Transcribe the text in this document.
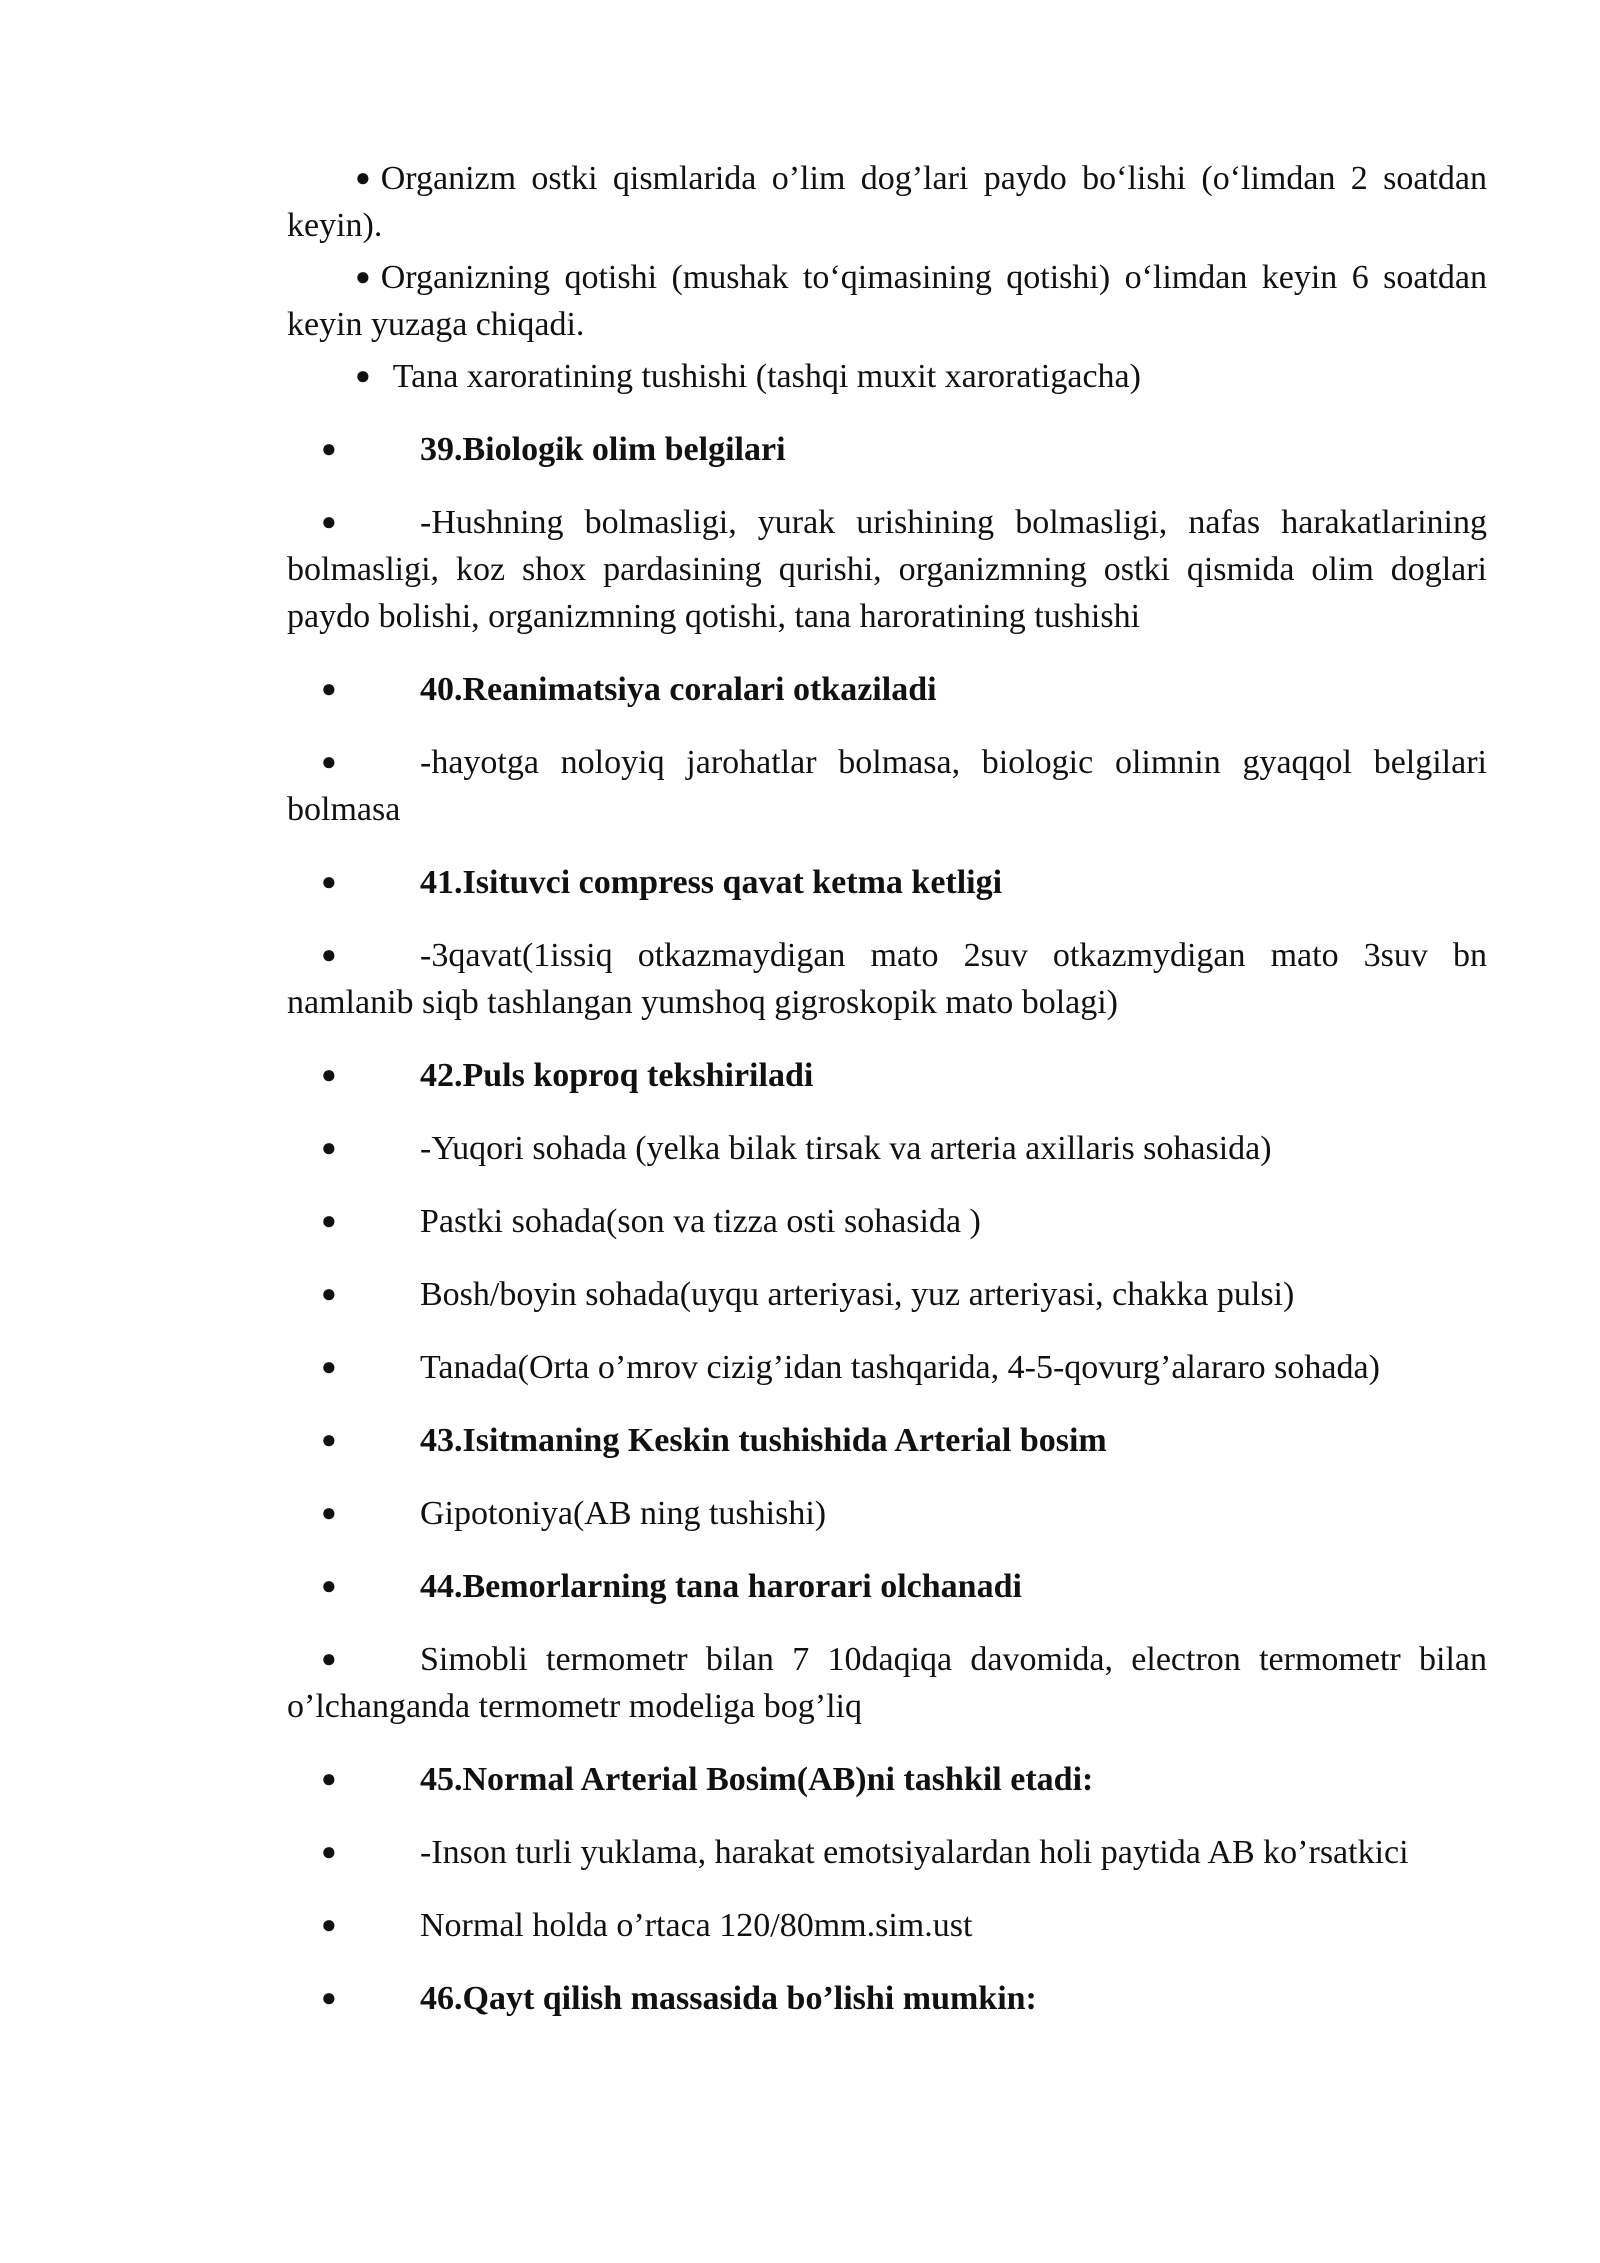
● Organizm ostki qismlarida o’lim dog’lari paydo bo‘lishi (o‘limdan 2 soatdan keyin).

● Organizning qotishi (mushak to‘qimasining qotishi) o‘limdan keyin 6 soatdan keyin yuzaga chiqadi.

● Tana xaroratining tushishi (tashqi muxit xaroratigacha)

● 39.Biologik olim belgilari

● -Hushning bolmasligi, yurak urishining bolmasligi, nafas harakatlarining bolmasligi, koz shox pardasining qurishi, organizmning ostki qismida olim doglari paydo bolishi, organizmning qotishi, tana haroratining tushishi

● 40.Reanimatsiya coralari otkaziladi

● -hayotga noloyiq jarohatlar bolmasa, biologic olimnin gyaqqol belgilari bolmasa

● 41.Isituvci compress qavat ketma ketligi

● -3qavat(1issiq otkazmaydigan mato 2suv otkazmydigan mato 3suv bn namlanib siqb tashlangan yumshoq gigroskopik mato bolagi)

● 42.Puls koproq tekshiriladi

● -Yuqori sohada (yelka bilak tirsak va arteria axillaris sohasida)

● Pastki sohada(son va tizza osti sohasida )

● Bosh/boyin sohada(uyqu arteriyasi, yuz arteriyasi, chakka pulsi)

● Tanada(Orta o’mrov cizig’idan tashqarida, 4-5-qovurg’alararo sohada)

● 43.Isitmaning Keskin tushishida Arterial bosim

● Gipotoniya(AB ning tushishi)

● 44.Bemorlarning tana harorari olchanadi

● Simobli termometr bilan 7 10daqiqa davomida, electron termometr bilan o’lchanganda termometr modeliga bog’liq

● 45.Normal Arterial Bosim(AB)ni tashkil etadi:

● -Inson turli yuklama, harakat emotsiyalardan holi paytida AB ko’rsatkici

● Normal holda o’rtaca 120/80mm.sim.ust

● 46.Qayt qilish massasida bo’lishi mumkin:
